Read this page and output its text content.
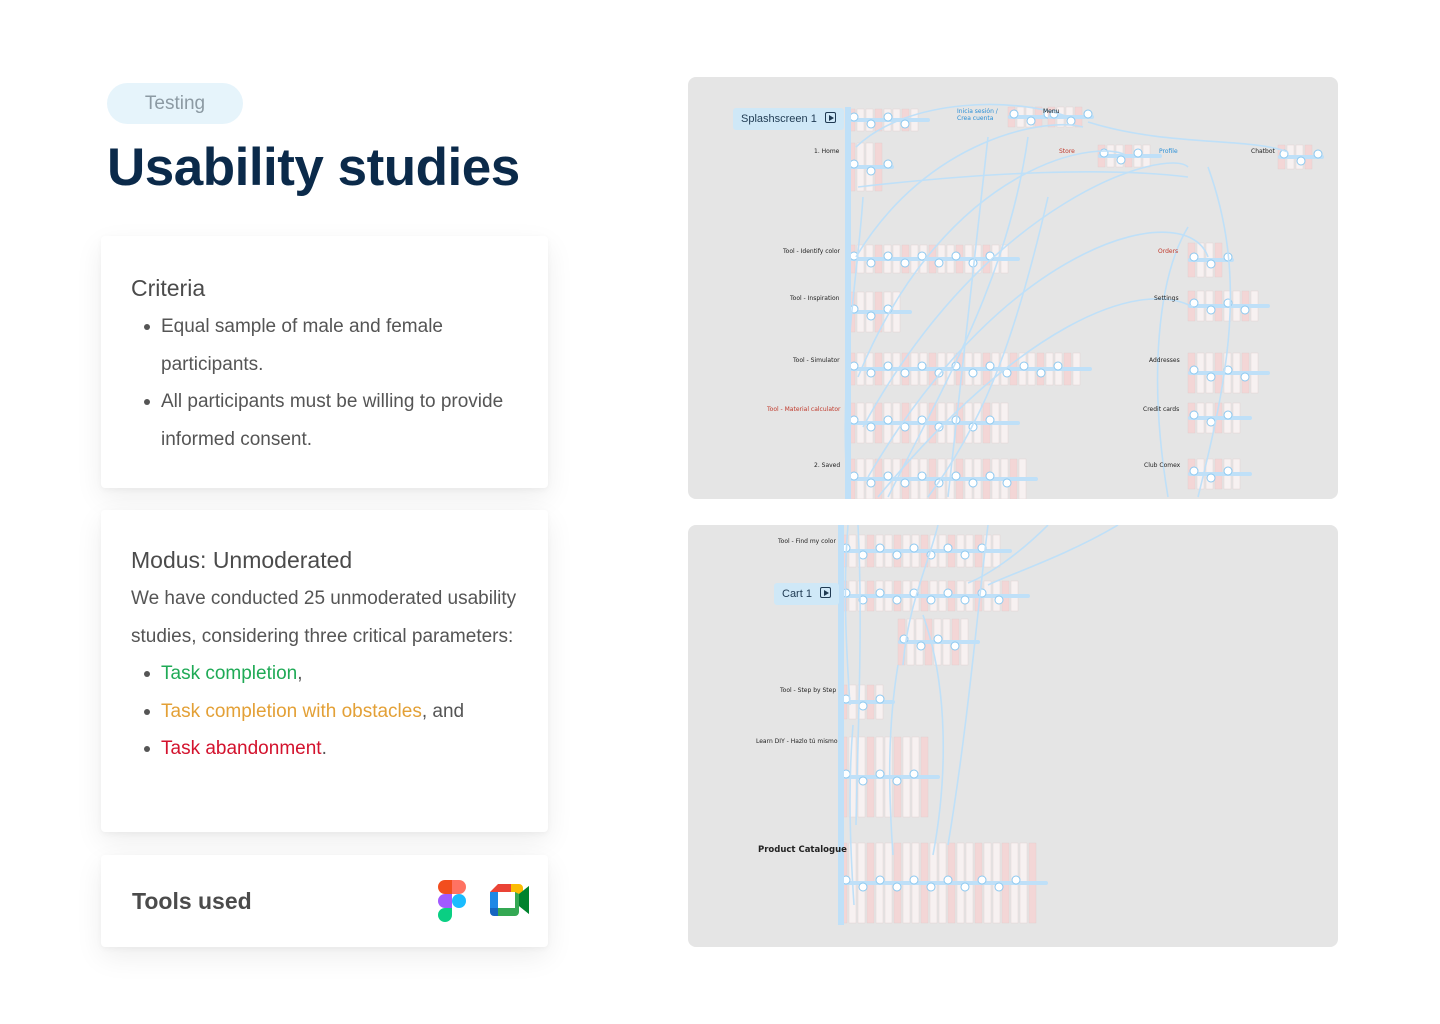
Testing
Usability studies
Criteria
Equal sample of male and female participants.
All participants must be willing to provide informed consent.
Modus: Unmoderated

We have conducted 25 unmoderated usability studies, considering three critical parameters:

Task completion,
Task completion with obstacles, and
Task abandonment.
Tools used
Splashscreen 1
1. Home
Tool - Identify color
Tool - Inspiration
Tool - Simulator
Tool - Material calculator
2. Saved
Inicia sesión / Crea cuenta
Menu
Store	Profile	Chatbot
Orders
Settings
Addresses
Credit cards
Club Comex
Tool - Find my color
Cart 1
Tool - Step by Step
Learn DIY - Hazlo tú mismo
Product Catalogue
